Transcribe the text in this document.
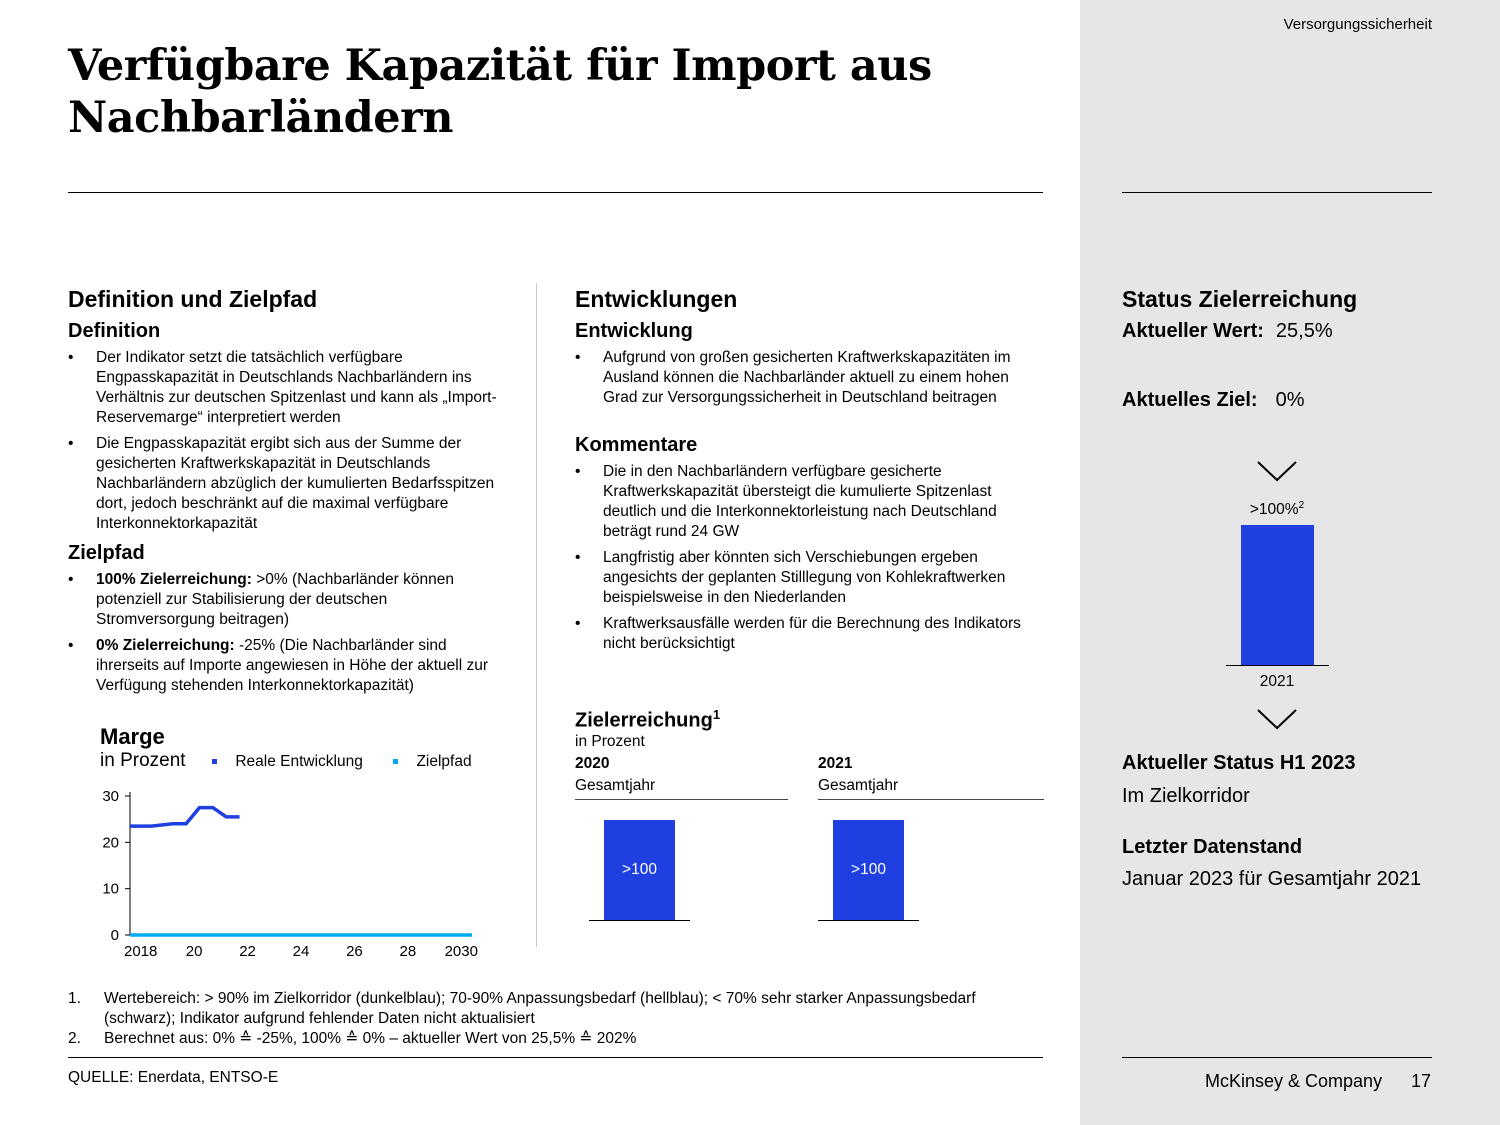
Versorgungssicherheit
Verfügbare Kapazität für Import aus Nachbarländern
Definition und Zielpfad
Definition
• Der Indikator setzt die tatsächlich verfügbare Engpasskapazität in Deutschlands Nachbarländern ins Verhältnis zur deutschen Spitzenlast und kann als „Import-Reservemarge“ interpretiert werden
• Die Engpasskapazität ergibt sich aus der Summe der gesicherten Kraftwerkskapazität in Deutschlands Nachbarländern abzüglich der kumulierten Bedarfsspitzen dort, jedoch beschränkt auf die maximal verfügbare Interkonnektorkapazität
Zielpfad
• 100% Zielerreichung: >0% (Nachbarländer können potenziell zur Stabilisierung der deutschen Stromversorgung beitragen)
• 0% Zielerreichung: -25% (Die Nachbarländer sind ihrerseits auf Importe angewiesen in Höhe der aktuell zur Verfügung stehenden Interkonnektorkapazität)
Marge
in Prozent	Reale Entwicklung	Zielpfad
0
10
20
30
2018 20 22 24 26 28 2030
Entwicklungen
Entwicklung
• Aufgrund von großen gesicherten Kraftwerkskapazitäten im Ausland können die Nachbarländer aktuell zu einem hohen Grad zur Versorgungssicherheit in Deutschland beitragen
Kommentare
• Die in den Nachbarländern verfügbare gesicherte Kraftwerkskapazität übersteigt die kumulierte Spitzenlast deutlich und die Interkonnektorleistung nach Deutschland beträgt rund 24 GW
• Langfristig aber könnten sich Verschiebungen ergeben angesichts der geplanten Stilllegung von Kohlekraftwerken beispielsweise in den Niederlanden
• Kraftwerksausfälle werden für die Berechnung des Indikators nicht berücksichtigt
Zielerreichung$^1$
in Prozent
2020
Gesamtjahr
>100
2021
Gesamtjahr
>100
Status Zielerreichung
Aktueller Wert: 25,5%
Aktuelles Ziel: 0%
>100%$^2$
2021
Aktueller Status H1 2023
Im Zielkorridor
Letzter Datenstand
Januar 2023 für Gesamtjahr 2021
1. Wertebereich: > 90% im Zielkorridor (dunkelblau); 70-90% Anpassungsbedarf (hellblau); < 70% sehr starker Anpassungsbedarf (schwarz); Indikator aufgrund fehlender Daten nicht aktualisiert
2. Berechnet aus: 0% ≙ -25%, 100% ≙ 0% – aktueller Wert von 25,5% ≙ 202%
QUELLE: Enerdata, ENTSO-E	McKinsey & Company 17
